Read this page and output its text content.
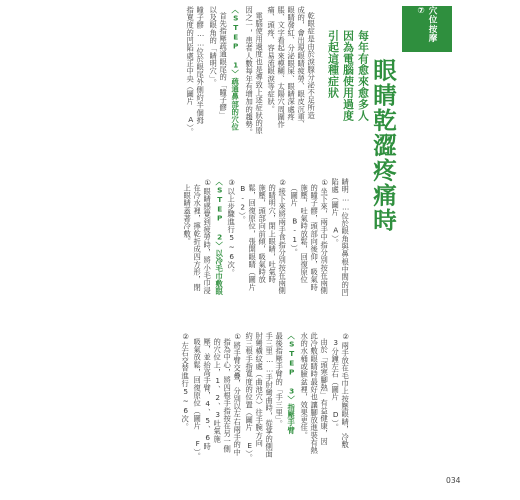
穴位按摩⑦
眼睛乾澀疼痛時
每年有愈來愈多人
因為電腦使用過度
引起這種症狀
乾眼症是由於淚腺分泌不足所造
成的，會出現眼睛疲勞、眼皮沉重、
眼睛發紅、分泌眼屎、眼睛深處疼
脹、文字看起來模糊、太陽穴周圍作
痛、頭疼、容易流眼淚等症狀。
電腦使用過度也是導致上述症狀的原
因之一，患者人數每年有增加的趨勢。
〈STEP 1〉疏通鼻部的穴位
首先指壓疏通眼尾的「瞳子髎」
以及眼角的「睛明穴」。
瞳子髎……位於眼尾外側約半個拇
指寬度的凹陷處正中央（圖片 A）。
睛明……位於眼角與鼻根中間的凹
陷處（圖片 A）。
①坐下來，兩手中指分別按在兩側
的瞳子髎，頭部向後仰，吸氣時
施壓，吐氣時放鬆，回復原位
（圖片 B-1）。
②接下來將兩手食指分別按在兩側
的睛明穴，閉上眼睛，吐氣時
施壓，頭部向前傾，吸氣時放
鬆，回復原位，張開眼睛（圖片
B-2）。
③以上步驟進行5~6次。
〈STEP 2〉以冷毛巾敷眼
①眼睛感覺到疲勞時，將小毛巾浸
在冷水裡，擰乾折成四方形，閉
上眼睛蓋著冷敷。
②兩手放在毛巾上按壓眼睛，冷敷
3分鐘左右（圖片 D）。
由於「頭寒腳熱」有益健康，因
此冷敷眼睛時最好也讓腳放進裝有熱
水的水桶或臉盆裡，效果更佳。
〈STEP 3〉指壓手臂
最後指壓手臂的「手三里」。
手三里……手肘彎曲時，從掌的側面
肘彎橫紋處（曲池穴）往手腕方向
約三根手指寬度的位置（圖片 E）。
①將手臂交疊，分別以左右兩手的中
指為中心，將四根手指按在另一側
的穴位上，1、2、3吐氣施
壓，並抬高手臂，4、5、6時
吸氣放鬆，回復原位（圖片 F）。
②左右交替進行5~6次。
034
